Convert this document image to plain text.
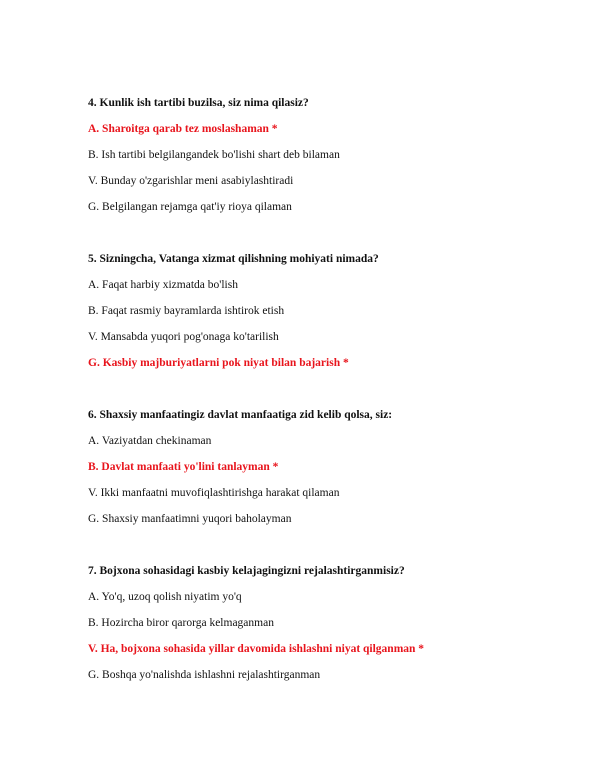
4. Kunlik ish tartibi buzilsa, siz nima qilasiz?
A. Sharoitga qarab tez moslashaman *
B. Ish tartibi belgilangandek bo'lishi shart deb bilaman
V. Bunday o'zgarishlar meni asabiylashtiradi
G. Belgilangan rejamga qat'iy rioya qilaman
5. Sizningcha, Vatanga xizmat qilishning mohiyati nimada?
A. Faqat harbiy xizmatda bo'lish
B. Faqat rasmiy bayramlarda ishtirok etish
V. Mansabda yuqori pog'onaga ko'tarilish
G. Kasbiy majburiyatlarni pok niyat bilan bajarish *
6. Shaxsiy manfaatingiz davlat manfaatiga zid kelib qolsa, siz:
A. Vaziyatdan chekinaman
B. Davlat manfaati yo'lini tanlayman *
V. Ikki manfaatni muvofiqlashtirishga harakat qilaman
G. Shaxsiy manfaatimni yuqori baholayman
7. Bojxona sohasidagi kasbiy kelajagingizni rejalashtirganmisiz?
A. Yo'q, uzoq qolish niyatim yo'q
B. Hozircha biror qarorga kelmaganman
V. Ha, bojxona sohasida yillar davomida ishlashni niyat qilganman *
G. Boshqa yo'nalishda ishlashni rejalashtirganman
